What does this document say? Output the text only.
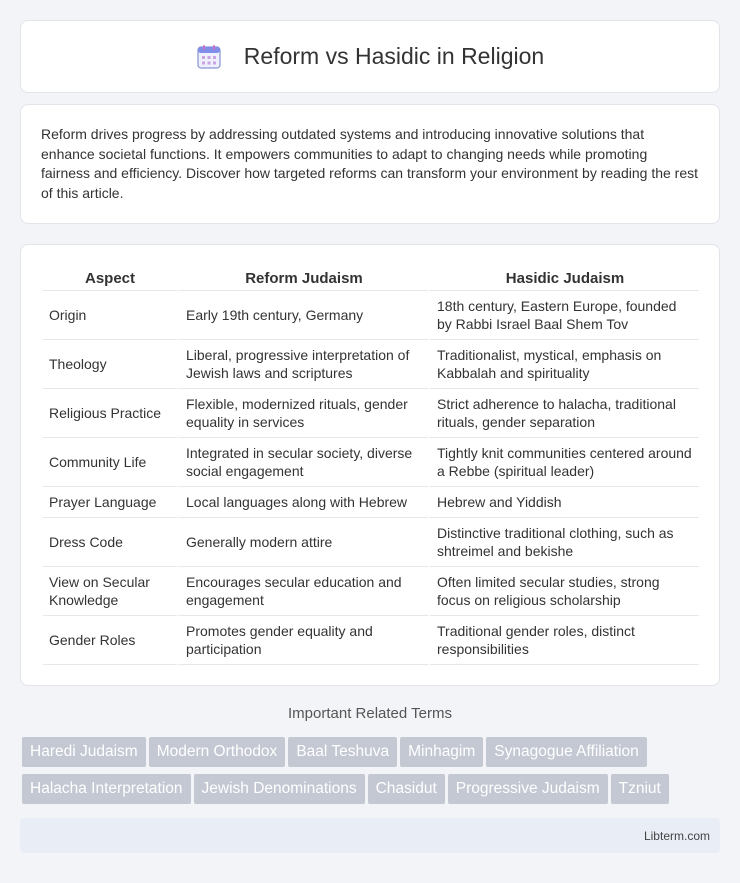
Reform vs Hasidic in Religion

Reform drives progress by addressing outdated systems and introducing innovative solutions that enhance societal functions. It empowers communities to adapt to changing needs while promoting fairness and efficiency. Discover how targeted reforms can transform your environment by reading the rest of this article.

Aspect	Reform Judaism	Hasidic Judaism
Origin	Early 19th century, Germany	18th century, Eastern Europe, founded by Rabbi Israel Baal Shem Tov
Theology	Liberal, progressive interpretation of Jewish laws and scriptures	Traditionalist, mystical, emphasis on Kabbalah and spirituality
Religious Practice	Flexible, modernized rituals, gender equality in services	Strict adherence to halacha, traditional rituals, gender separation
Community Life	Integrated in secular society, diverse social engagement	Tightly knit communities centered around a Rebbe (spiritual leader)
Prayer Language	Local languages along with Hebrew	Hebrew and Yiddish
Dress Code	Generally modern attire	Distinctive traditional clothing, such as shtreimel and bekishe
View on Secular Knowledge	Encourages secular education and engagement	Often limited secular studies, strong focus on religious scholarship
Gender Roles	Promotes gender equality and participation	Traditional gender roles, distinct responsibilities
Important Related Terms
Haredi Judaism Modern Orthodox Baal Teshuva Minhagim Synagogue Affiliation
Halacha Interpretation Jewish Denominations Chasidut Progressive Judaism Tzniut
Libterm.com
